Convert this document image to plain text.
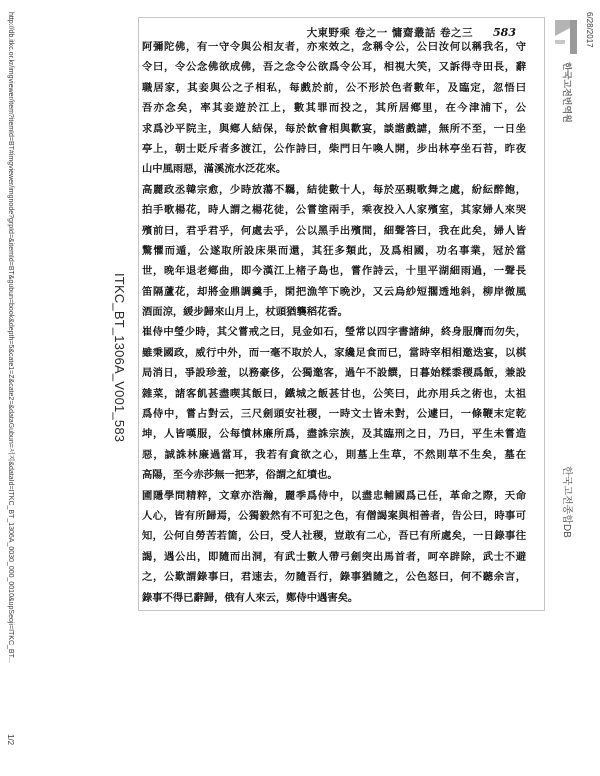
http://db.itkc.or.kr/imgviewer/item?itemId=BT#imgviewer/imgnode?grpId=&itemId=BT&gubun=book&depth=5&cate1=Z&cate2=&dataGubun=서지&dataId=ITKC_BT_1306A_0030_000_0010&upSeoji=ITKC_BT...
1/2
ITKC_BT_1306A_V001_583
6/28/2017
한국고전번역원
한국고전종합DB
大東野乘 卷之一 慵齋叢話 卷之三 583
阿彌陀佛，有一守令與公相友者，亦來效之，念稱令公，公曰汝何以稱我名，守
令曰，令公念佛欲成佛，吾之念令公欲爲令公耳，相視大笑，又訴得寺田長，辭
職居家，其妾與公之子相私，每戲於前，公不形於色者數年，及臨定，忽悟曰
吾亦念矣，率其妾遊於江上，數其罪而投之，其所居鄕里，在今津浦下，公
求爲沙平院主，與鄕人結保，每於飮會相與歡宴，談諧戲謔，無所不至，一日坐
亭上，朝士貶斥者多渡江，公作詩曰，柴門日午喚人開，步出林亭坐石苔，昨夜
山中風雨惡，滿溪流水泛花來。
高麗政丞韓宗愈，少時放蕩不羈，結徒數十人，每於巫覡歌舞之處，紛紜醉飽，
拍手歌楊花，時人謂之楊花徒，公嘗塗兩手，乘夜投入人家殯室，其家婦人來哭
殯前曰，君乎君乎，何處去乎，公以黑手出殯間，細聲答曰，我在此矣，婦人皆
驚懼而遁，公遂取所設床果而還，其狂多類此，及爲相國，功名事業，冠於當
世，晚年退老鄕曲，即今漢江上楮子島也，嘗作詩云，十里平湖細雨過，一聲長
笛隔蘆花，却將金鼎調羹手，閑把漁竿下晩沙，又云烏紗短擱透地斜，柳岸微風
酒面涼，緩步歸來山月上，杖頭猶襲稻花香。
崔侍中瑩少時，其父嘗戒之曰，見金如石，瑩常以四字書諸紳，終身服膺而勿失，
雖秉國政，威行中外，而一毫不取於人，家纔足食而已，當時宰相相邀迭宴，以棋
局消日，爭設珍羞，以務豪侈，公獨邀客，過午不設饌，日暮始糅黍稷爲飯，兼設
雜菜，諸客飢甚盡喫其飯曰，鐵城之飯甚甘也，公笑曰，此亦用兵之術也，太祖
爲侍中，嘗占對云，三尺劍頭安社稷，一時文士皆未對，公遽曰，一條鞭末定乾
坤，人皆嘆服，公每憤林廉所爲，盡誅宗族，及其臨刑之日，乃曰，平生未嘗造
惡，誠誅林廉過當耳，我若有貪欲之心，則墓上生草，不然則草不生矣，墓在
高陽，至今赤莎無一把茅，俗謂之紅墳也。
圃隱學問精粹，文章亦浩瀚，麗季爲侍中，以盡忠輔國爲己任，革命之際，天命
人心，皆有所歸焉，公獨毅然有不可犯之色，有僧謁案與相善者，告公曰，時事可
知，公何自勞苦若箇，公曰，受人社稷，豈敢有二心，吾已有所處矣，一日錄事往
謁，遇公出，即隨而出洞，有武士數人帶弓劍突出馬首者，呵卒辟除，武士不避
之，公歎謂錄事曰，君速去，勿隨吾行，錄事猶隨之，公色怒曰，何不聽余言，
錄事不得已辭歸，俄有人來云，鄭侍中遇害矣。
